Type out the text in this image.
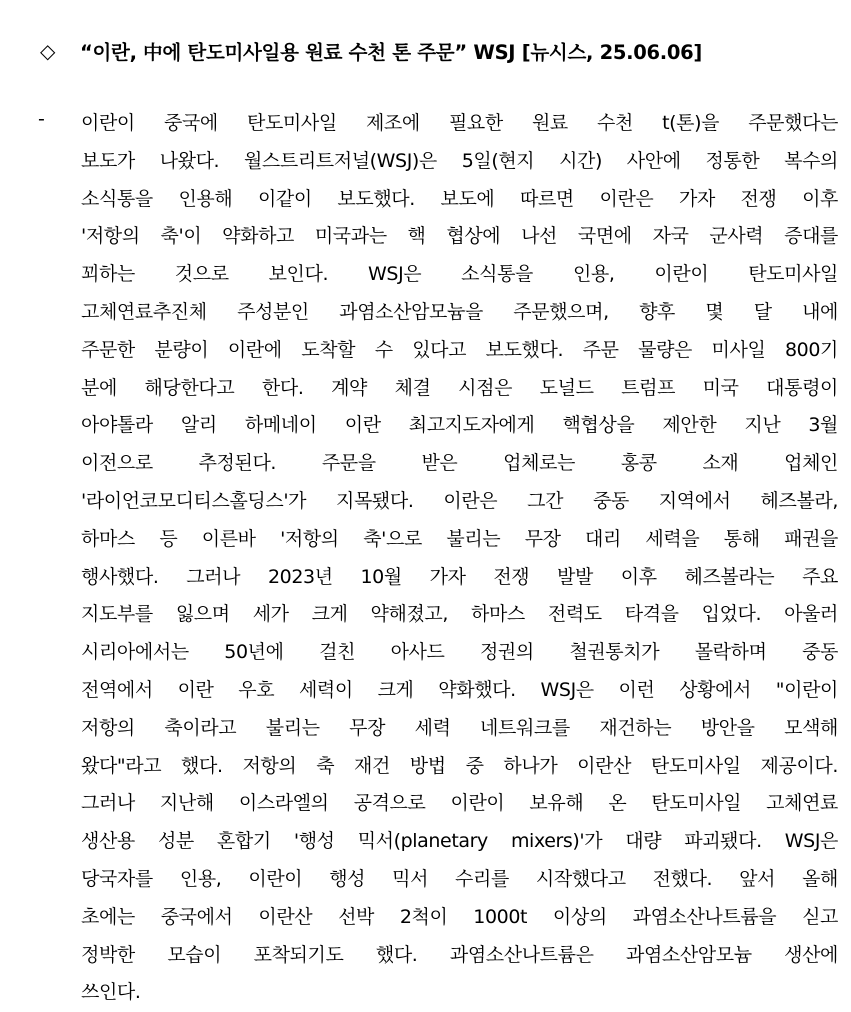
◇	“이란, 中에 탄도미사일용 원료 수천 톤 주문” WSJ [뉴시스, 25.06.06]
- 이란이 중국에 탄도미사일 제조에 필요한 원료 수천 t(톤)을 주문했다는
보도가 나왔다. 월스트리트저널(WSJ)은 5일(현지 시간) 사안에 정통한 복수의
소식통을 인용해 이같이 보도했다. 보도에 따르면 이란은 가자 전쟁 이후
'저항의 축'이 약화하고 미국과는 핵 협상에 나선 국면에 자국 군사력 증대를
꾀하는 것으로 보인다. WSJ은 소식통을 인용, 이란이 탄도미사일
고체연료추진체 주성분인 과염소산암모늄을 주문했으며, 향후 몇 달 내에
주문한 분량이 이란에 도착할 수 있다고 보도했다. 주문 물량은 미사일 800기
분에 해당한다고 한다. 계약 체결 시점은 도널드 트럼프 미국 대통령이
아야톨라 알리 하메네이 이란 최고지도자에게 핵협상을 제안한 지난 3월
이전으로 추정된다. 주문을 받은 업체로는 홍콩 소재 업체인
'라이언코모디티스홀딩스'가 지목됐다. 이란은 그간 중동 지역에서 헤즈볼라,
하마스 등 이른바 '저항의 축'으로 불리는 무장 대리 세력을 통해 패권을
행사했다. 그러나 2023년 10월 가자 전쟁 발발 이후 헤즈볼라는 주요
지도부를 잃으며 세가 크게 약해졌고, 하마스 전력도 타격을 입었다. 아울러
시리아에서는 50년에 걸친 아사드 정권의 철권통치가 몰락하며 중동
전역에서 이란 우호 세력이 크게 약화했다. WSJ은 이런 상황에서 "이란이
저항의 축이라고 불리는 무장 세력 네트워크를 재건하는 방안을 모색해
왔다"라고 했다. 저항의 축 재건 방법 중 하나가 이란산 탄도미사일 제공이다.
그러나 지난해 이스라엘의 공격으로 이란이 보유해 온 탄도미사일 고체연료
생산용 성분 혼합기 '행성 믹서(planetary mixers)'가 대량 파괴됐다. WSJ은
당국자를 인용, 이란이 행성 믹서 수리를 시작했다고 전했다. 앞서 올해
초에는 중국에서 이란산 선박 2척이 1000t 이상의 과염소산나트륨을 싣고
정박한 모습이 포착되기도 했다. 과염소산나트륨은 과염소산암모늄 생산에
쓰인다.
